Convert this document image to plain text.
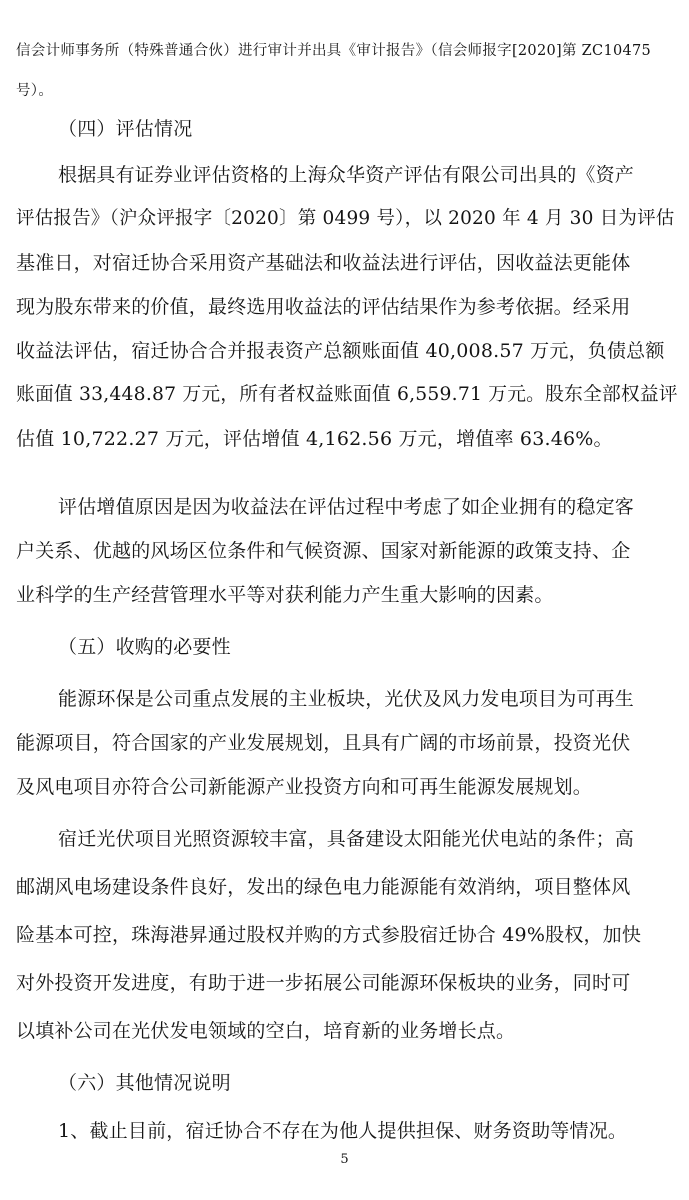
信会计师事务所（特殊普通合伙）进行审计并出具《审计报告》（信会师报字[2020]第 ZC10475
号）。
（四）评估情况
根据具有证券业评估资格的上海众华资产评估有限公司出具的《资产
评估报告》（沪众评报字〔2020〕第 0499 号），以 2020 年 4 月 30 日为评估
基准日，对宿迁协合采用资产基础法和收益法进行评估，因收益法更能体
现为股东带来的价值，最终选用收益法的评估结果作为参考依据。经采用
收益法评估，宿迁协合合并报表资产总额账面值 40,008.57 万元，负债总额
账面值 33,448.87 万元，所有者权益账面值 6,559.71 万元。股东全部权益评
估值 10,722.27 万元，评估增值 4,162.56 万元，增值率 63.46%。
评估增值原因是因为收益法在评估过程中考虑了如企业拥有的稳定客
户关系、优越的风场区位条件和气候资源、国家对新能源的政策支持、企
业科学的生产经营管理水平等对获利能力产生重大影响的因素。
（五）收购的必要性
能源环保是公司重点发展的主业板块，光伏及风力发电项目为可再生
能源项目，符合国家的产业发展规划，且具有广阔的市场前景，投资光伏
及风电项目亦符合公司新能源产业投资方向和可再生能源发展规划。
宿迁光伏项目光照资源较丰富，具备建设太阳能光伏电站的条件；高
邮湖风电场建设条件良好，发出的绿色电力能源能有效消纳，项目整体风
险基本可控，珠海港昇通过股权并购的方式参股宿迁协合 49%股权，加快
对外投资开发进度，有助于进一步拓展公司能源环保板块的业务，同时可
以填补公司在光伏发电领域的空白，培育新的业务增长点。
（六）其他情况说明
1、截止目前，宿迁协合不存在为他人提供担保、财务资助等情况。
5
